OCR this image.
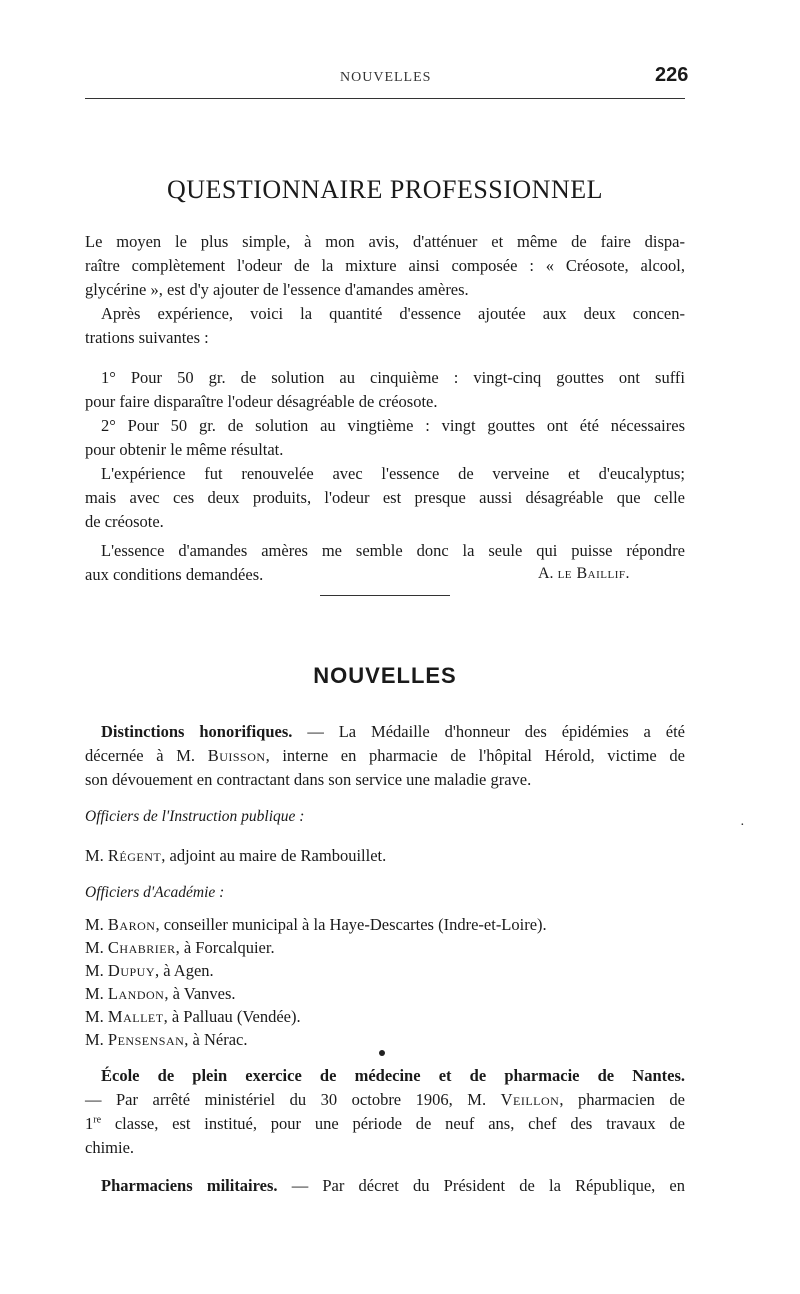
NOUVELLES	226
QUESTIONNAIRE PROFESSIONNEL
Le moyen le plus simple, à mon avis, d'atténuer et même de faire dispa-
raître complètement l'odeur de la mixture ainsi composée : « Créosote, alcool,
glycérine », est d'y ajouter de l'essence d'amandes amères.
Après expérience, voici la quantité d'essence ajoutée aux deux concen-
trations suivantes :
1° Pour 50 gr. de solution au cinquième : vingt-cinq gouttes ont suffi
pour faire disparaître l'odeur désagréable de créosote.
2° Pour 50 gr. de solution au vingtième : vingt gouttes ont été nécessaires
pour obtenir le même résultat.
L'expérience fut renouvelée avec l'essence de verveine et d'eucalyptus;
mais avec ces deux produits, l'odeur est presque aussi désagréable que celle
de créosote.
L'essence d'amandes amères me semble donc la seule qui puisse répondre
aux conditions demandées.	A. le Baillif.
NOUVELLES
Distinctions honorifiques. — La Médaille d'honneur des épidémies a été
décernée à M. Buisson, interne en pharmacie de l'hôpital Hérold, victime de
son dévouement en contractant dans son service une maladie grave.
Officiers de l'Instruction publique :
·
M. Régent, adjoint au maire de Rambouillet.
Officiers d'Académie :
M. Baron, conseiller municipal à la Haye-Descartes (Indre-et-Loire).
M. Chabrier, à Forcalquier.
M. Dupuy, à Agen.
M. Landon, à Vanves.
M. Mallet, à Palluau (Vendée).
M. Pensensan, à Nérac.
École de plein exercice de médecine et de pharmacie de Nantes.
— Par arrêté ministériel du 30 octobre 1906, M. Veillon, pharmacien de
1re classe, est institué, pour une période de neuf ans, chef des travaux de
chimie.
Pharmaciens militaires. — Par décret du Président de la République, en
